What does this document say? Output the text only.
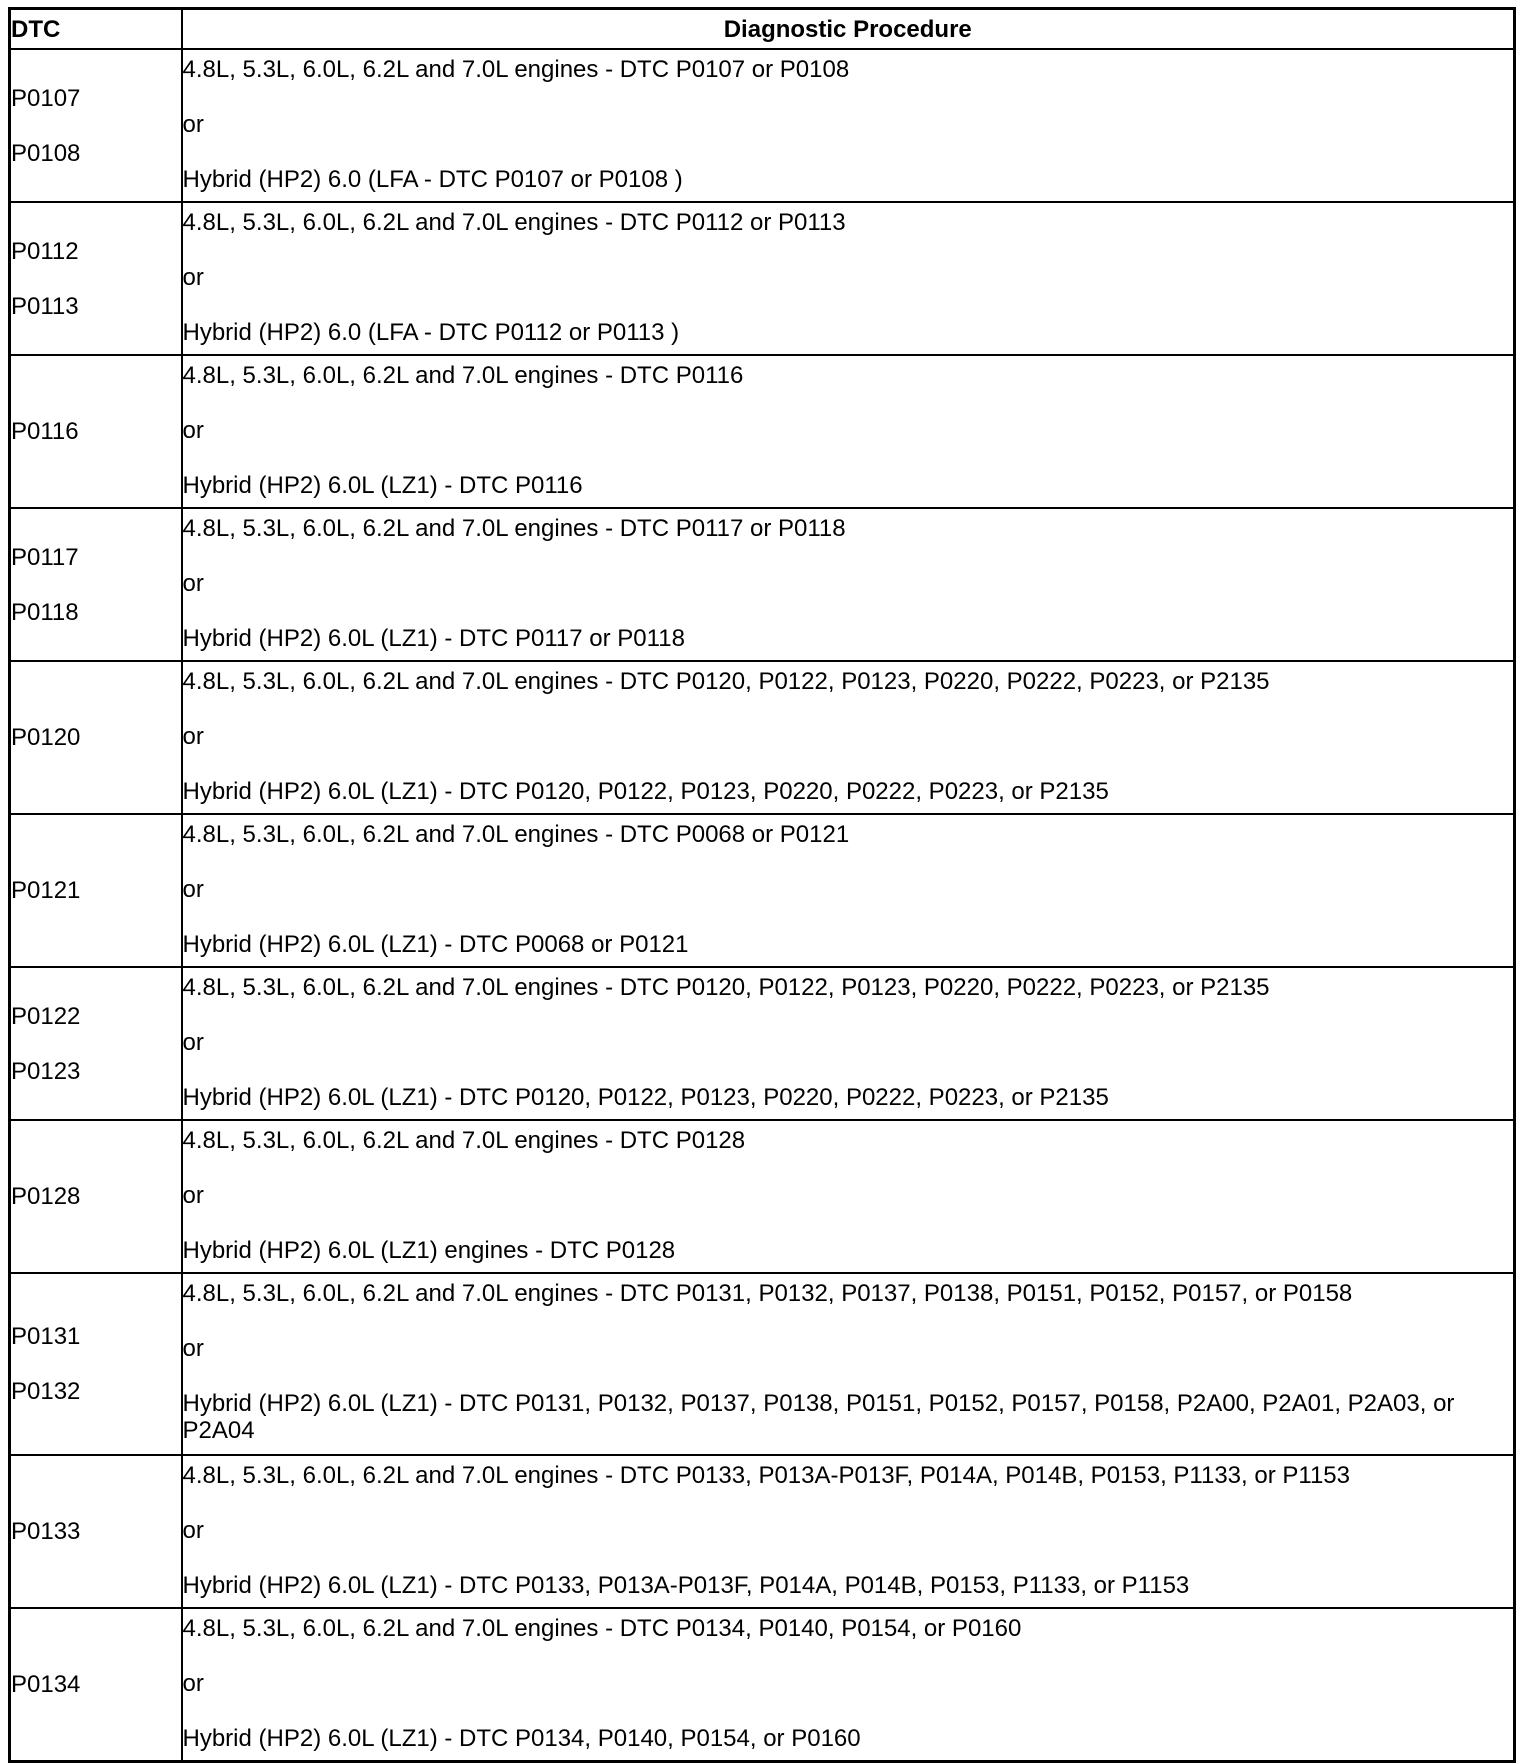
DTC	Diagnostic Procedure

P0107
P0108	4.8L, 5.3L, 6.0L, 6.2L and 7.0L engines - DTC P0107 or P0108
or
Hybrid (HP2) 6.0 (LFA - DTC P0107 or P0108 )

P0112
P0113	4.8L, 5.3L, 6.0L, 6.2L and 7.0L engines - DTC P0112 or P0113
or
Hybrid (HP2) 6.0 (LFA - DTC P0112 or P0113 )

P0116	4.8L, 5.3L, 6.0L, 6.2L and 7.0L engines - DTC P0116
or
Hybrid (HP2) 6.0L (LZ1) - DTC P0116

P0117
P0118	4.8L, 5.3L, 6.0L, 6.2L and 7.0L engines - DTC P0117 or P0118
or
Hybrid (HP2) 6.0L (LZ1) - DTC P0117 or P0118

P0120	4.8L, 5.3L, 6.0L, 6.2L and 7.0L engines - DTC P0120, P0122, P0123, P0220, P0222, P0223, or P2135
or
Hybrid (HP2) 6.0L (LZ1) - DTC P0120, P0122, P0123, P0220, P0222, P0223, or P2135

P0121	4.8L, 5.3L, 6.0L, 6.2L and 7.0L engines - DTC P0068 or P0121
or
Hybrid (HP2) 6.0L (LZ1) - DTC P0068 or P0121

P0122
P0123	4.8L, 5.3L, 6.0L, 6.2L and 7.0L engines - DTC P0120, P0122, P0123, P0220, P0222, P0223, or P2135
or
Hybrid (HP2) 6.0L (LZ1) - DTC P0120, P0122, P0123, P0220, P0222, P0223, or P2135

P0128	4.8L, 5.3L, 6.0L, 6.2L and 7.0L engines - DTC P0128
or
Hybrid (HP2) 6.0L (LZ1) engines - DTC P0128

P0131
P0132	4.8L, 5.3L, 6.0L, 6.2L and 7.0L engines - DTC P0131, P0132, P0137, P0138, P0151, P0152, P0157, or P0158
or
Hybrid (HP2) 6.0L (LZ1) - DTC P0131, P0132, P0137, P0138, P0151, P0152, P0157, P0158, P2A00, P2A01, P2A03, or P2A04

P0133	4.8L, 5.3L, 6.0L, 6.2L and 7.0L engines - DTC P0133, P013A-P013F, P014A, P014B, P0153, P1133, or P1153
or
Hybrid (HP2) 6.0L (LZ1) - DTC P0133, P013A-P013F, P014A, P014B, P0153, P1133, or P1153

P0134	4.8L, 5.3L, 6.0L, 6.2L and 7.0L engines - DTC P0134, P0140, P0154, or P0160
or
Hybrid (HP2) 6.0L (LZ1) - DTC P0134, P0140, P0154, or P0160
